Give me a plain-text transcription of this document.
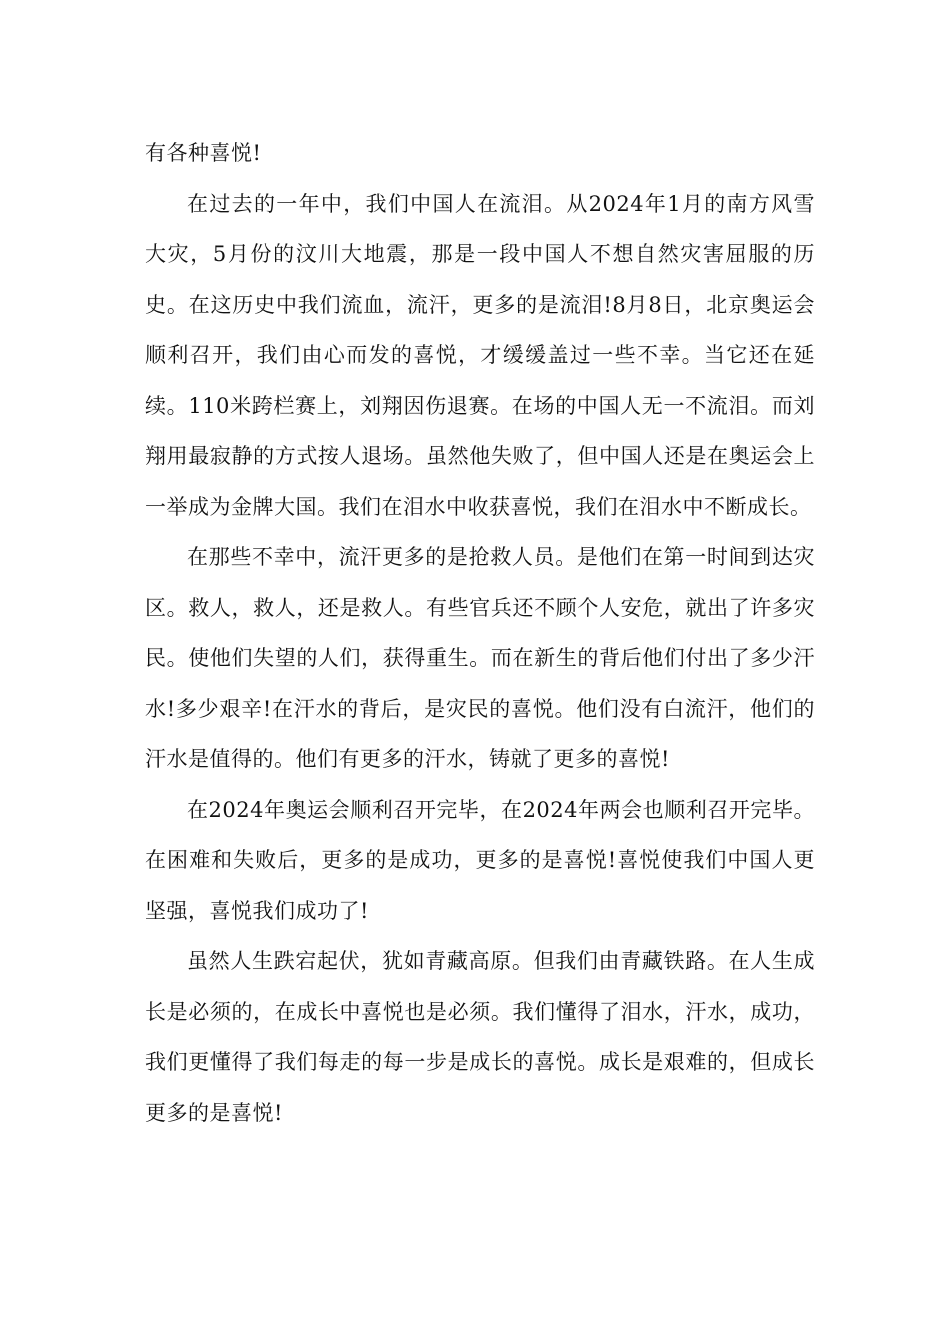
有各种喜悦!

在过去的一年中，我们中国人在流泪。从2024年1月的南方风雪大灾，5月份的汶川大地震，那是一段中国人不想自然灾害屈服的历史。在这历史中我们流血，流汗，更多的是流泪!8月8日，北京奥运会顺利召开，我们由心而发的喜悦，才缓缓盖过一些不幸。当它还在延续。110米跨栏赛上，刘翔因伤退赛。在场的中国人无一不流泪。而刘翔用最寂静的方式按人退场。虽然他失败了，但中国人还是在奥运会上一举成为金牌大国。我们在泪水中收获喜悦，我们在泪水中不断成长。

在那些不幸中，流汗更多的是抢救人员。是他们在第一时间到达灾区。救人，救人，还是救人。有些官兵还不顾个人安危，就出了许多灾民。使他们失望的人们，获得重生。而在新生的背后他们付出了多少汗水!多少艰辛!在汗水的背后，是灾民的喜悦。他们没有白流汗，他们的汗水是值得的。他们有更多的汗水，铸就了更多的喜悦!

在2024年奥运会顺利召开完毕，在2024年两会也顺利召开完毕。在困难和失败后，更多的是成功，更多的是喜悦!喜悦使我们中国人更坚强，喜悦我们成功了!

虽然人生跌宕起伏，犹如青藏高原。但我们由青藏铁路。在人生成长是必须的，在成长中喜悦也是必须。我们懂得了泪水，汗水，成功，我们更懂得了我们每走的每一步是成长的喜悦。成长是艰难的，但成长更多的是喜悦!
